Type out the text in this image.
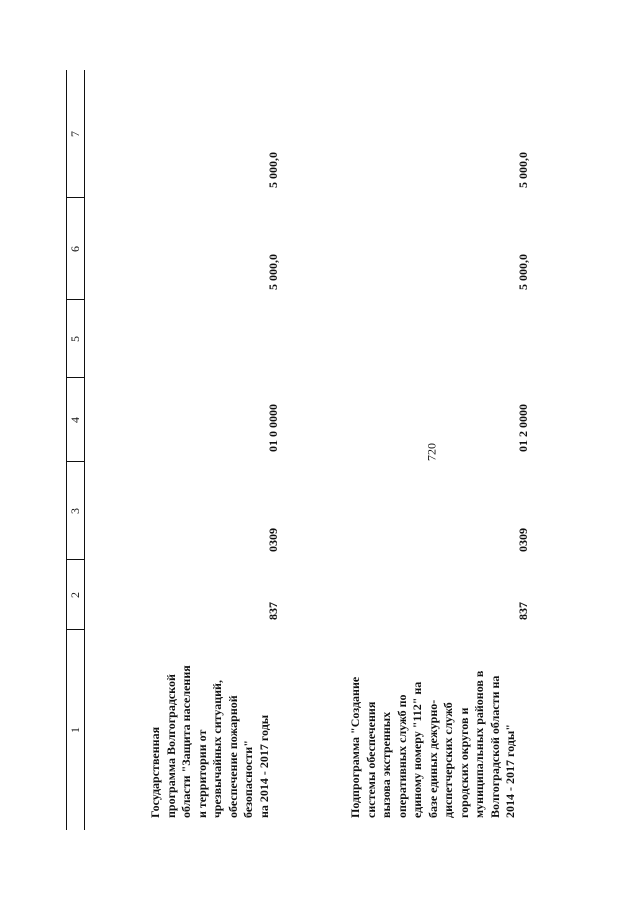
720
1
2
3
4
5
6
7
Государственная
программа Волгоградской
области "Защита населения
и территории от
чрезвычайных ситуаций,
обеспечение пожарной
безопасности"
на 2014 - 2017 годы
837
0309
01 0 0000
5 000,0
5 000,0
Подпрограмма "Создание
системы обеспечения
вызова экстренных
оперативных служб по
единому номеру "112" на
базе единых дежурно-
диспетчерских служб
городских округов и
муниципальных районов в
Волгоградской области на
2014 - 2017 годы"
837
0309
01 2 0000
5 000,0
5 000,0
